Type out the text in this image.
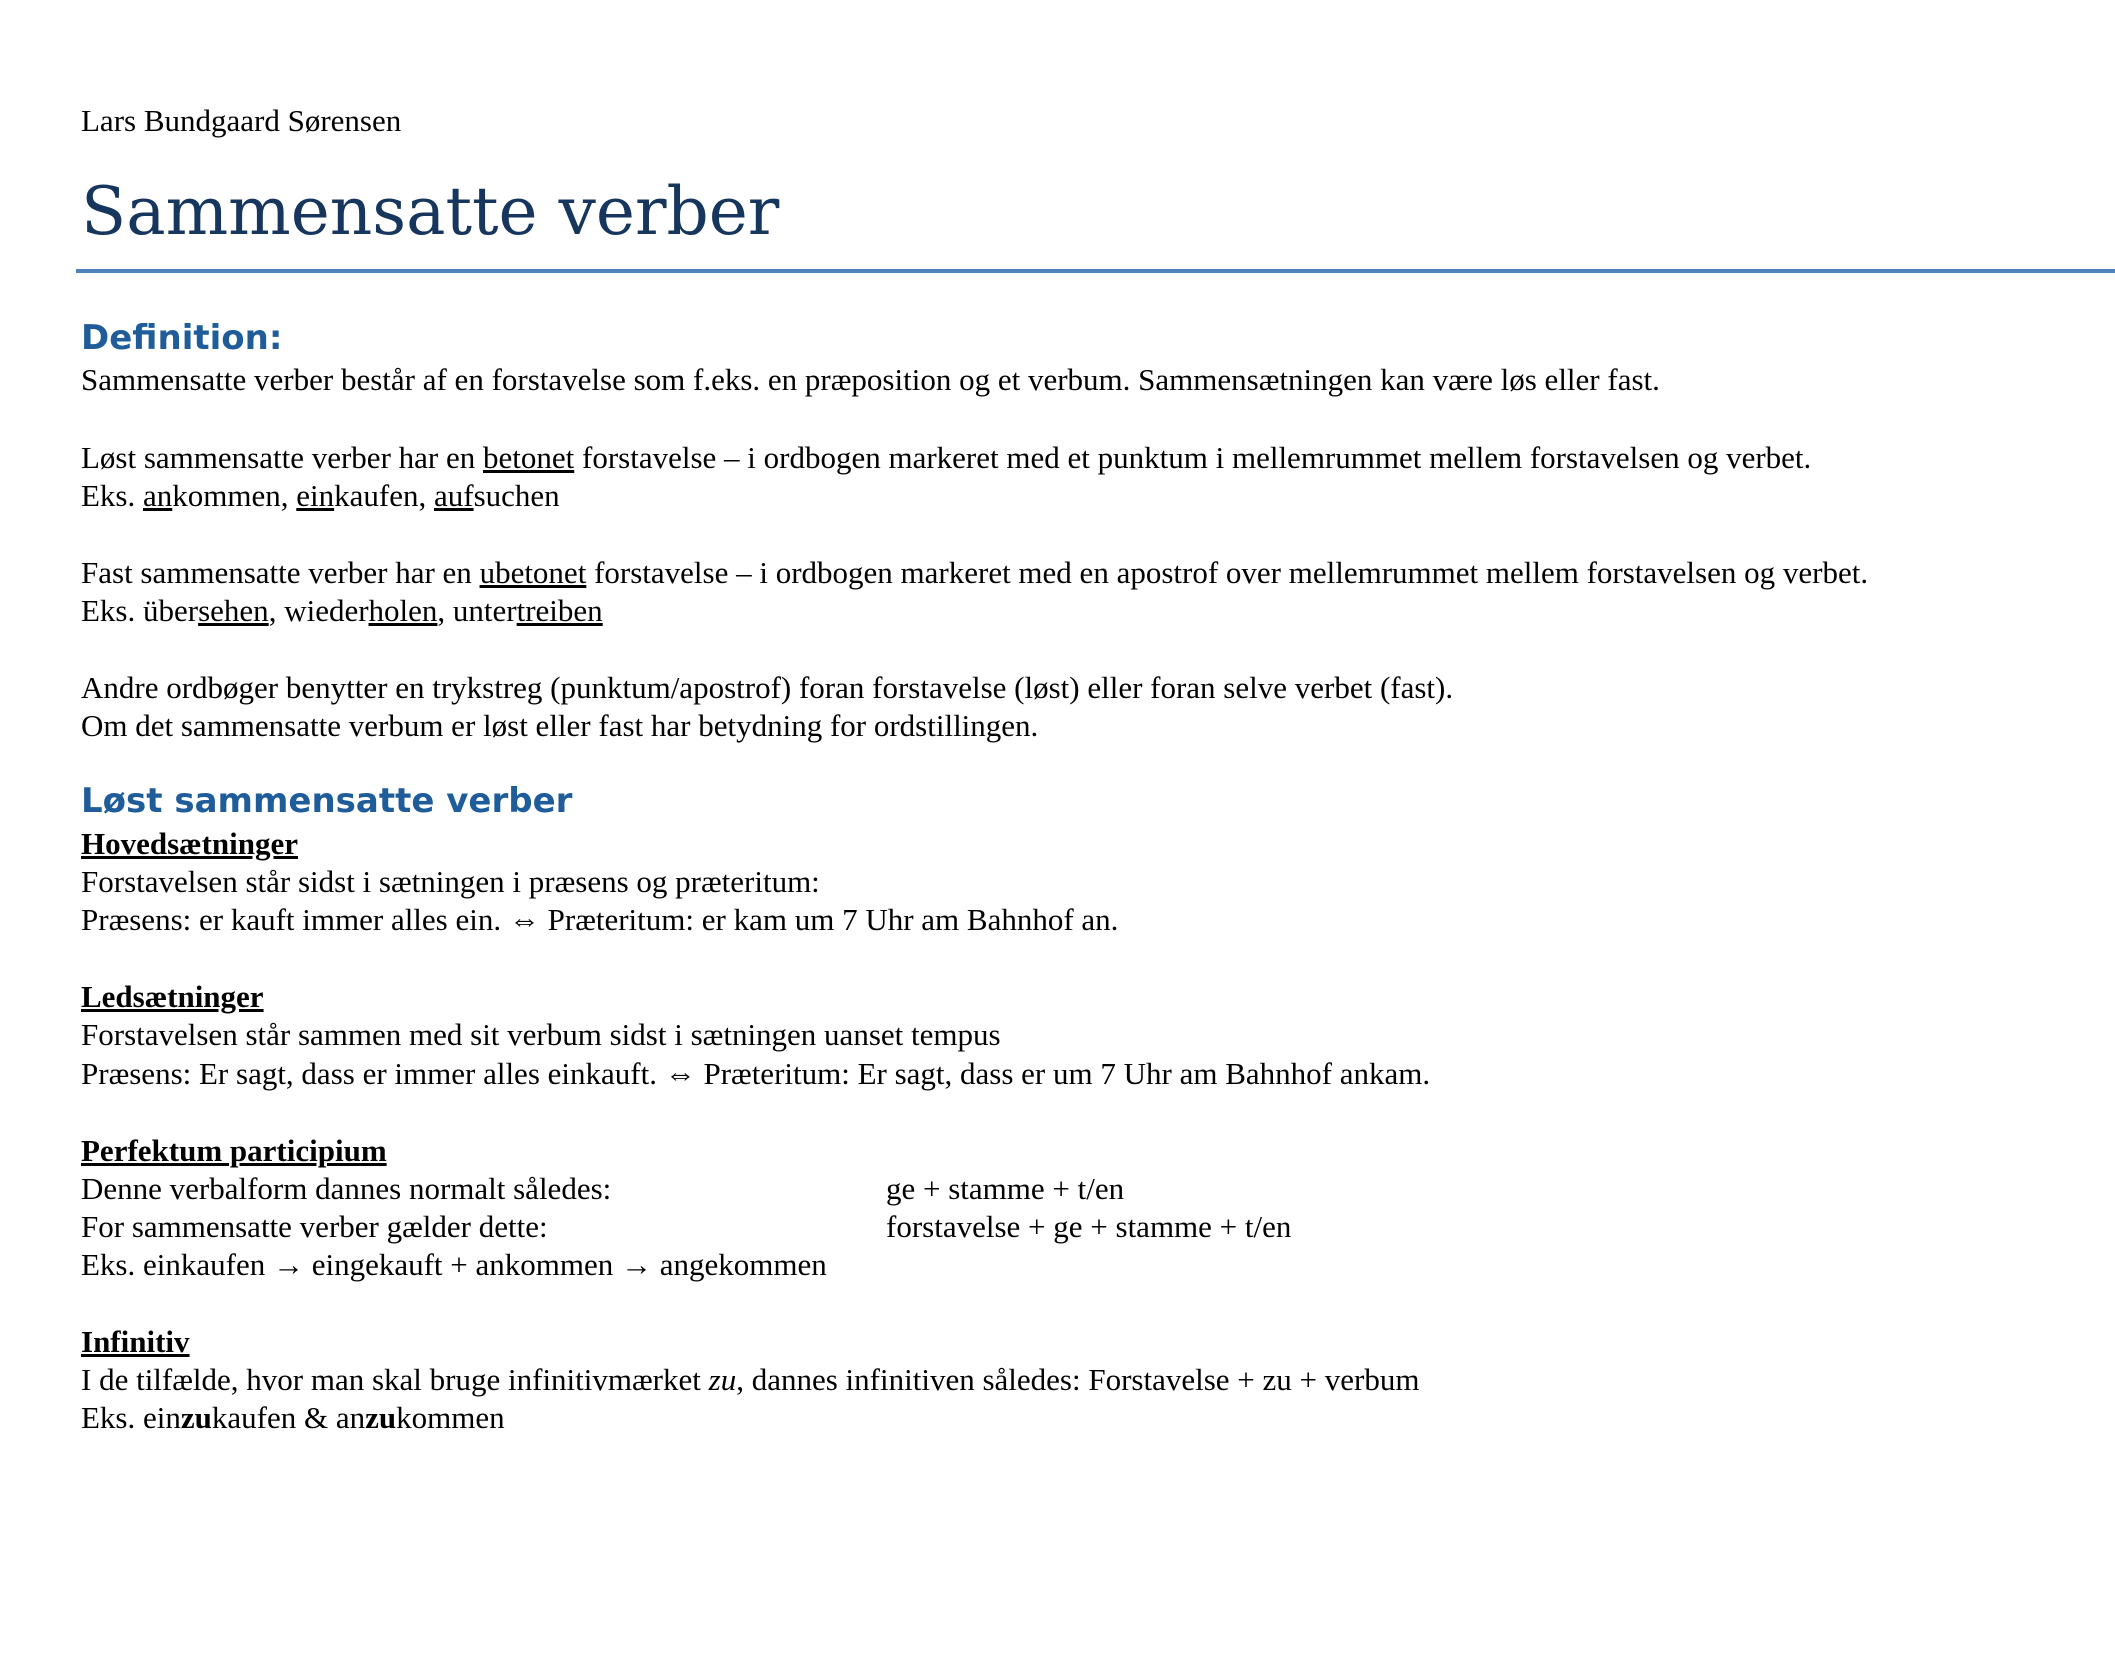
Lars Bundgaard Sørensen

Sammensatte verber
Definition:

Sammensatte verber består af en forstavelse som f.eks. en præposition og et verbum. Sammensætningen kan være løs eller fast.

Løst sammensatte verber har en betonet forstavelse – i ordbogen markeret med et punktum i mellemrummet mellem forstavelsen og verbet.

Eks. ankommen, einkaufen, aufsuchen

Fast sammensatte verber har en ubetonet forstavelse – i ordbogen markeret med en apostrof over mellemrummet mellem forstavelsen og verbet.

Eks. übersehen, wiederholen, untertreiben

Andre ordbøger benytter en trykstreg (punktum/apostrof) foran forstavelse (løst) eller foran selve verbet (fast).

Om det sammensatte verbum er løst eller fast har betydning for ordstillingen.

Løst sammensatte verber
Hovedsætninger

Forstavelsen står sidst i sætningen i præsens og præteritum:

Præsens: er kauft immer alles ein. ⇔ Præteritum: er kam um 7 Uhr am Bahnhof an.

Ledsætninger

Forstavelsen står sammen med sit verbum sidst i sætningen uanset tempus

Præsens: Er sagt, dass er immer alles einkauft. ⇔ Præteritum: Er sagt, dass er um 7 Uhr am Bahnhof ankam.

Perfektum participium

Denne verbalform dannes normalt således:	ge + stamme + t/en

For sammensatte verber gælder dette:	forstavelse + ge + stamme + t/en

Eks. einkaufen → eingekauft + ankommen → angekommen

Infinitiv

I de tilfælde, hvor man skal bruge infinitivmærket zu, dannes infinitiven således: Forstavelse + zu + verbum

Eks. einzukaufen & anzukommen
